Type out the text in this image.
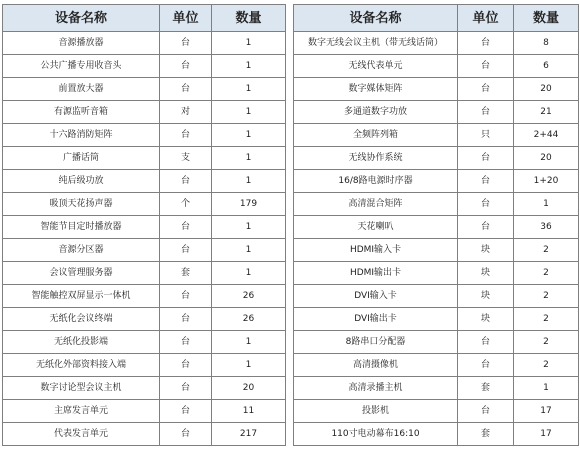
设备名称	单位	数量
音源播放器	台	1
公共广播专用收音头	台	1
前置放大器	台	1
有源监听音箱	对	1
十六路消防矩阵	台	1
广播话筒	支	1
纯后级功放	台	1
吸顶天花扬声器	个	179
智能节目定时播放器	台	1
音源分区器	台	1
会议管理服务器	套	1
智能触控双屏显示一体机	台	26
无纸化会议终端	台	26
无纸化投影端	台	1
无纸化外部资料接入端	台	1
数字讨论型会议主机	台	20
主席发言单元	台	11
代表发言单元	台	217
设备名称	单位	数量
数字无线会议主机（带无线话筒）	台	8
无线代表单元	台	6
数字媒体矩阵	台	20
多通道数字功放	台	21
全频阵列箱	只	2+44
无线协作系统	台	20
16/8路电源时序器	台	1+20
高清混合矩阵	台	1
天花喇叭	台	36
HDMI输入卡	块	2
HDMI输出卡	块	2
DVI输入卡	块	2
DVI输出卡	块	2
8路串口分配器	台	2
高清摄像机	台	2
高清录播主机	套	1
投影机	台	17
110寸电动幕布16:10	套	17
